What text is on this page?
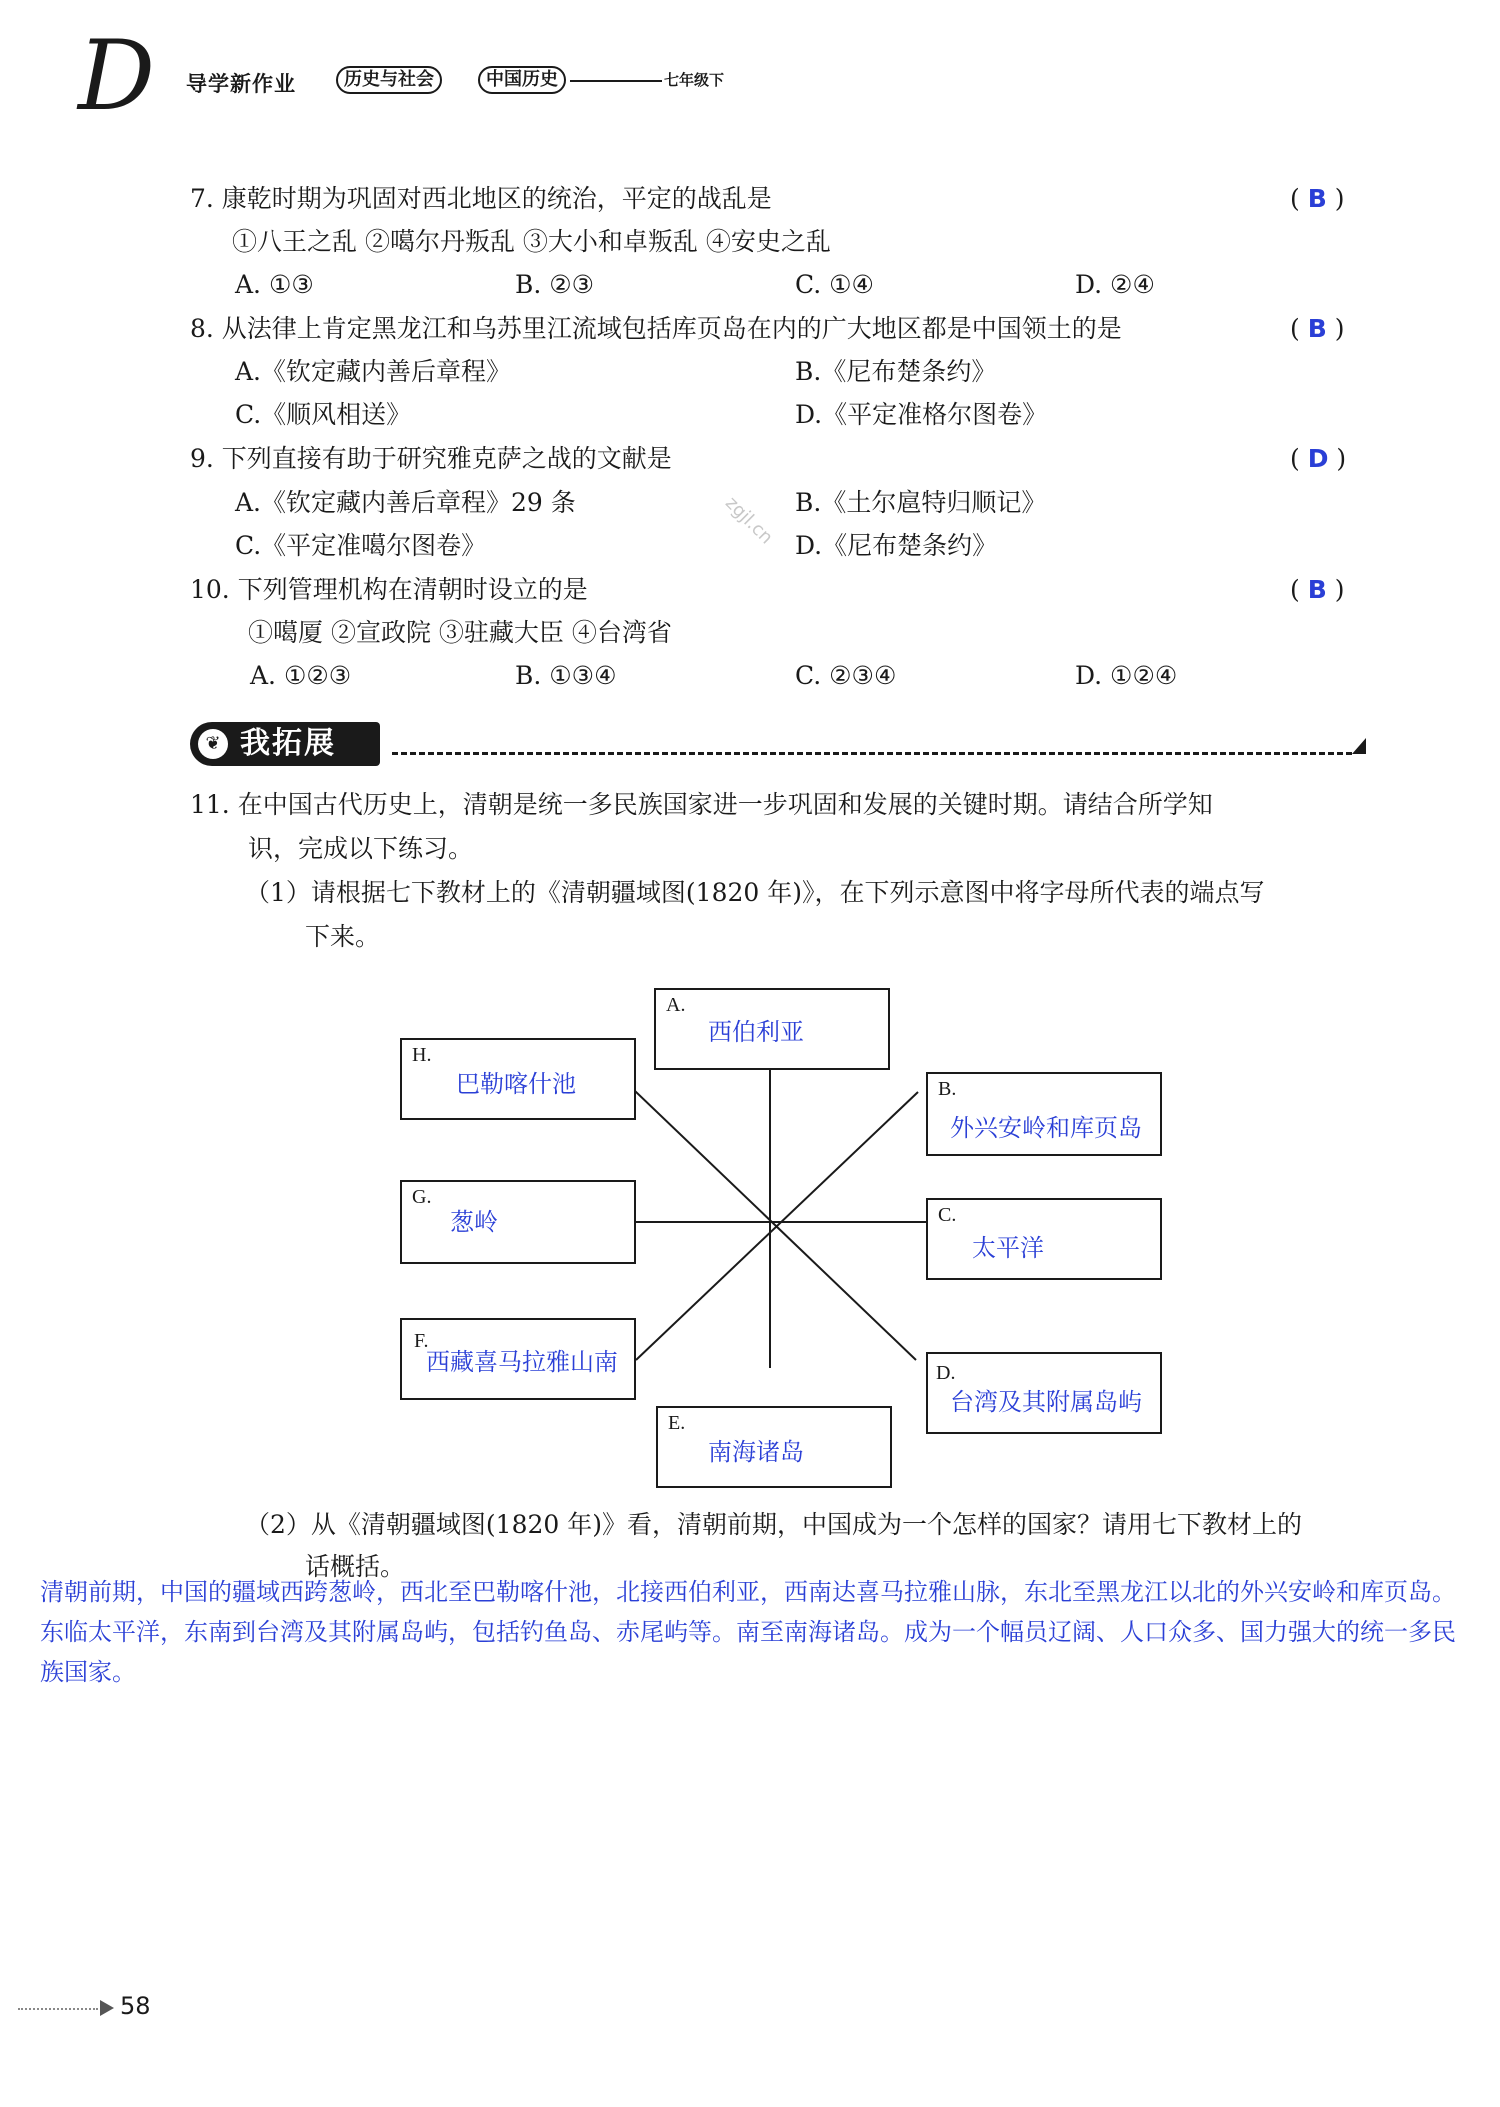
D 导学新作业	历史与社会	中国历史	七年级下
7. 康乾时期为巩固对西北地区的统治，平定的战乱是	( B )
①八王之乱 ②噶尔丹叛乱 ③大小和卓叛乱 ④安史之乱
A. ①③	B. ②③	C. ①④	D. ②④
8. 从法律上肯定黑龙江和乌苏里江流域包括库页岛在内的广大地区都是中国领土的是	( B )
A.《钦定藏内善后章程》	B.《尼布楚条约》
C.《顺风相送》	D.《平定准格尔图卷》
9. 下列直接有助于研究雅克萨之战的文献是	( D )
A.《钦定藏内善后章程》29 条	B.《土尔扈特归顺记》
C.《平定准噶尔图卷》	D.《尼布楚条约》
10. 下列管理机构在清朝时设立的是	( B )
①噶厦 ②宣政院 ③驻藏大臣 ④台湾省
A. ①②③	B. ①③④	C. ②③④	D. ①②④
❦ 我拓展
11. 在中国古代历史上，清朝是统一多民族国家进一步巩固和发展的关键时期。请结合所学知
识，完成以下练习。
（1）请根据七下教材上的《清朝疆域图(1820 年)》，在下列示意图中将字母所代表的端点写
下来。
A.
西伯利亚
H.
巴勒喀什池	B.
外兴安岭和库页岛
G.
葱岭	C.
太平洋
F.
西藏喜马拉雅山南	D.
台湾及其附属岛屿
E.
南海诸岛
（2）从《清朝疆域图(1820 年)》看，清朝前期，中国成为一个怎样的国家？请用七下教材上的
话概括。
清朝前期，中国的疆域西跨葱岭，西北至巴勒喀什池，北接西伯利亚，西南达喜马拉雅山脉，东北至黑龙江以北的外兴安岭和库页岛。东临太平洋，东南到台湾及其附属岛屿，包括钓鱼岛、赤尾屿等。南至南海诸岛。成为一个幅员辽阔、人口众多、国力强大的统一多民族国家。
zgjl.cn
58
